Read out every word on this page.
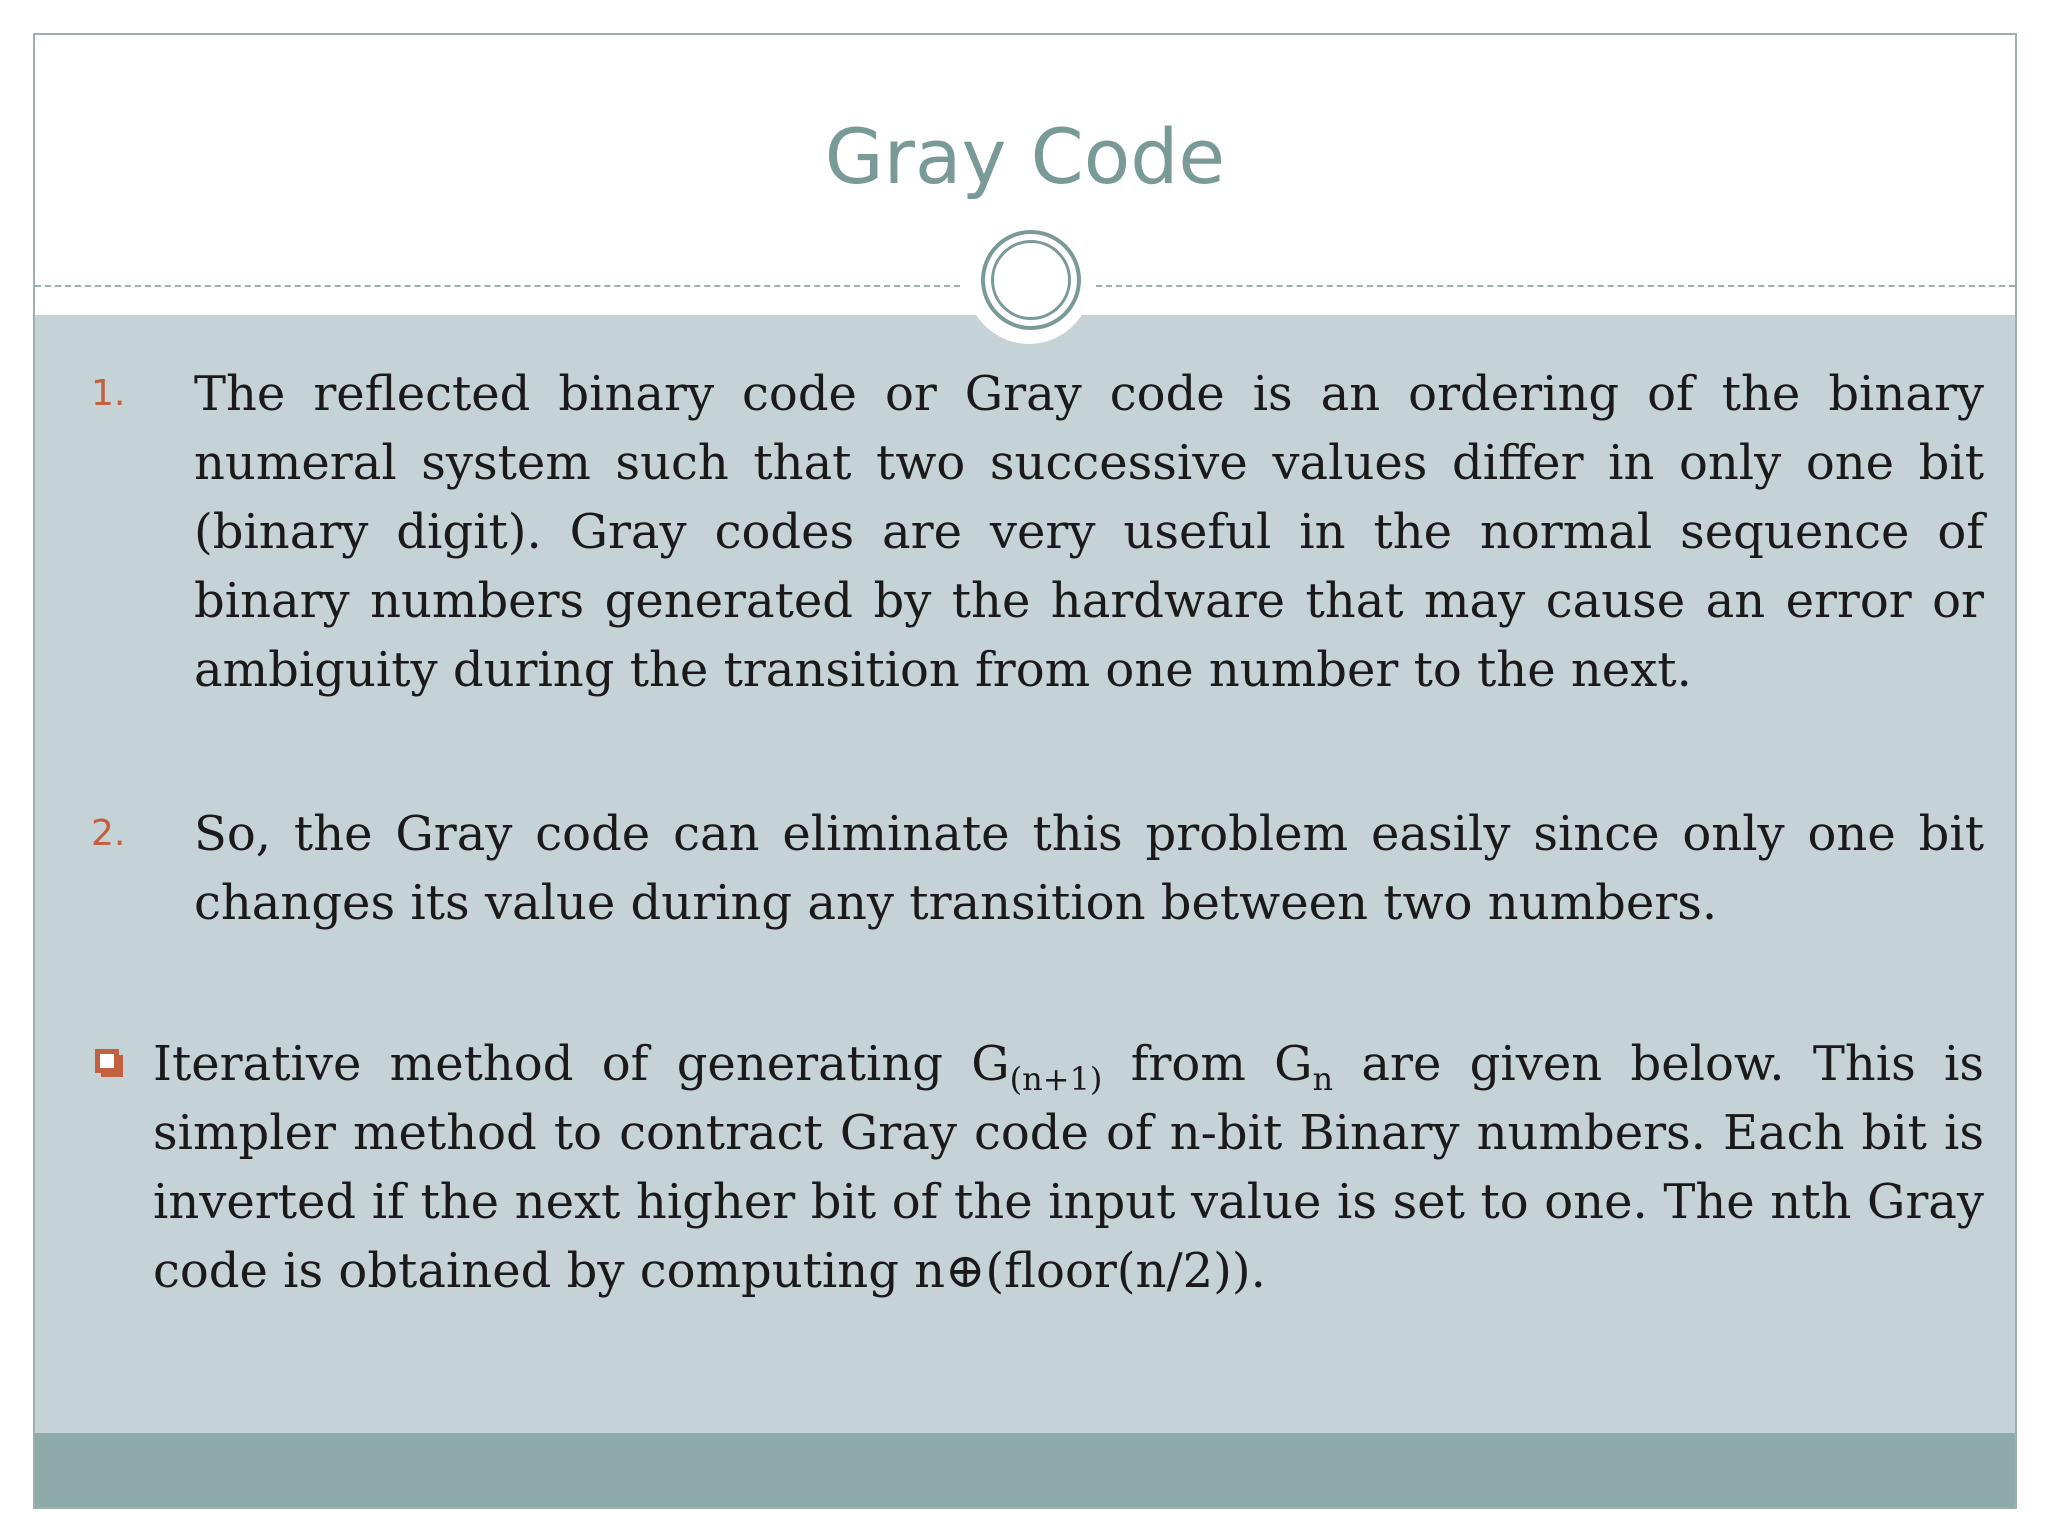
Gray Code
1. The reflected binary code or Gray code is an ordering of the binary numeral system such that two successive values differ in only one bit (binary digit). Gray codes are very useful in the normal sequence of binary numbers generated by the hardware that may cause an error or ambiguity during the transition from one number to the next.
2. So, the Gray code can eliminate this problem easily since only one bit changes its value during any transition between two numbers.
Iterative method of generating $G_{(n+1)}$ from $G_n$ are given below. This is simpler method to contract Gray code of n-bit Binary numbers. Each bit is inverted if the next higher bit of the input value is set to one. The nth Gray code is obtained by computing n⊕(floor(n/2)).
